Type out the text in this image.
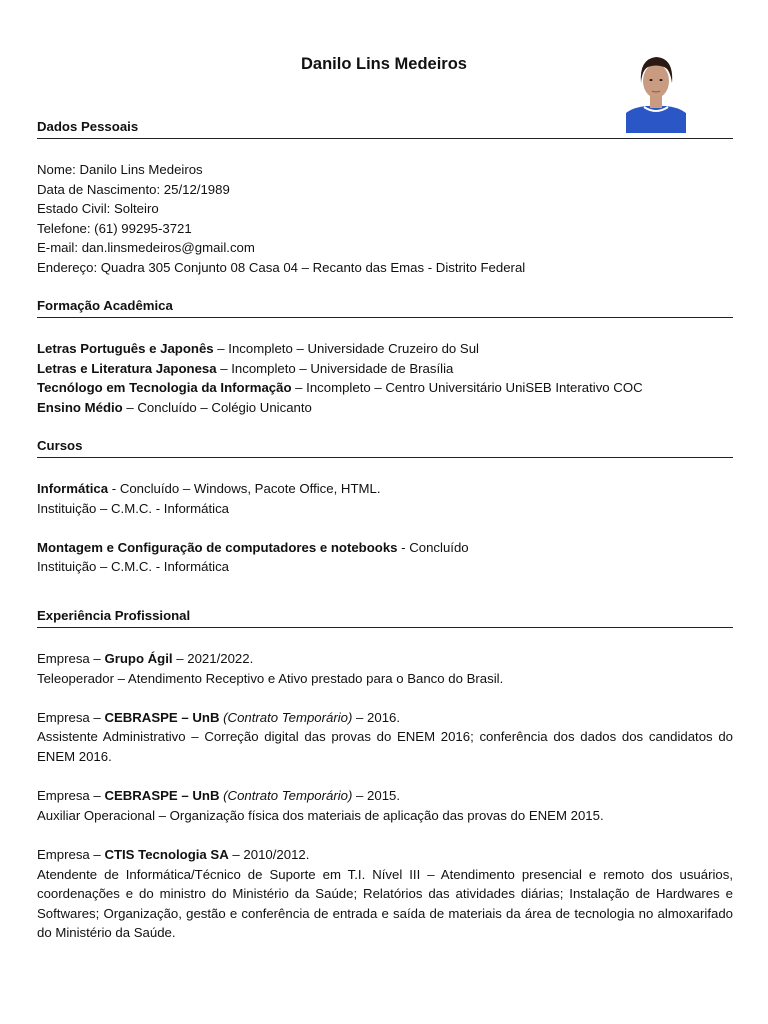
Danilo Lins Medeiros
Dados Pessoais
Nome: Danilo Lins Medeiros
Data de Nascimento: 25/12/1989
Estado Civil: Solteiro
Telefone: (61) 99295-3721
E-mail: dan.linsmedeiros@gmail.com
Endereço: Quadra 305 Conjunto 08 Casa 04 – Recanto das Emas - Distrito Federal
Formação Acadêmica
Letras Português e Japonês – Incompleto – Universidade Cruzeiro do Sul
Letras e Literatura Japonesa – Incompleto – Universidade de Brasília
Tecnólogo em Tecnologia da Informação – Incompleto – Centro Universitário UniSEB Interativo COC
Ensino Médio – Concluído – Colégio Unicanto
Cursos
Informática - Concluído – Windows, Pacote Office, HTML.
Instituição – C.M.C. - Informática
Montagem e Configuração de computadores e notebooks - Concluído
Instituição – C.M.C. - Informática
Experiência Profissional
Empresa – Grupo Ágil – 2021/2022.
Teleoperador – Atendimento Receptivo e Ativo prestado para o Banco do Brasil.
Empresa – CEBRASPE – UnB (Contrato Temporário) – 2016.
Assistente Administrativo – Correção digital das provas do ENEM 2016; conferência dos dados dos candidatos do ENEM 2016.
Empresa – CEBRASPE – UnB (Contrato Temporário) – 2015.
Auxiliar Operacional – Organização física dos materiais de aplicação das provas do ENEM 2015.
Empresa – CTIS Tecnologia SA – 2010/2012.
Atendente de Informática/Técnico de Suporte em T.I. Nível III – Atendimento presencial e remoto dos usuários, coordenações e do ministro do Ministério da Saúde; Relatórios das atividades diárias; Instalação de Hardwares e Softwares; Organização, gestão e conferência de entrada e saída de materiais da área de tecnologia no almoxarifado do Ministério da Saúde.
